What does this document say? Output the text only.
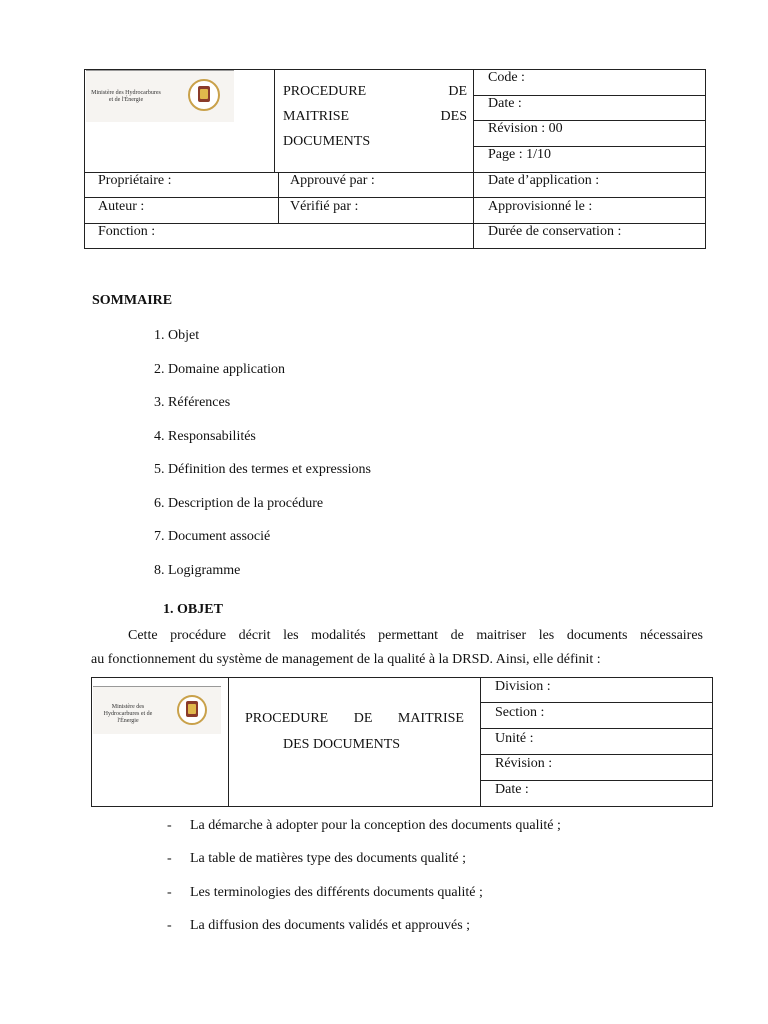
Ministère des Hydrocarbures et de l'Énergie
PROCEDURE	DE
MAITRISE	DES
DOCUMENTS
Code :
Date :
Révision : 00
Page : 1/10
Propriétaire :	Approuvé par :	Date d’application :
Auteur :	Vérifié par :	Approvisionné le :
Fonction :	Durée de conservation :
SOMMAIRE
1. Objet
2. Domaine application
3. Références
4. Responsabilités
5. Définition des termes et expressions
6. Description de la procédure
7. Document associé
8. Logigramme
1. OBJET
Cette procédure décrit les modalités permettant de maitriser les documents nécessaires
au fonctionnement du système de management de la qualité à la DRSD. Ainsi, elle définit :
Ministère des Hydrocarbures et de l'Énergie	PROCEDURE DE MAITRISE
DES DOCUMENTS
Division :
Section :
Unité :
Révision :
Date :
- La démarche à adopter pour la conception des documents qualité ;
- La table de matières type des documents qualité ;
- Les terminologies des différents documents qualité ;
- La diffusion des documents validés et approuvés ;
